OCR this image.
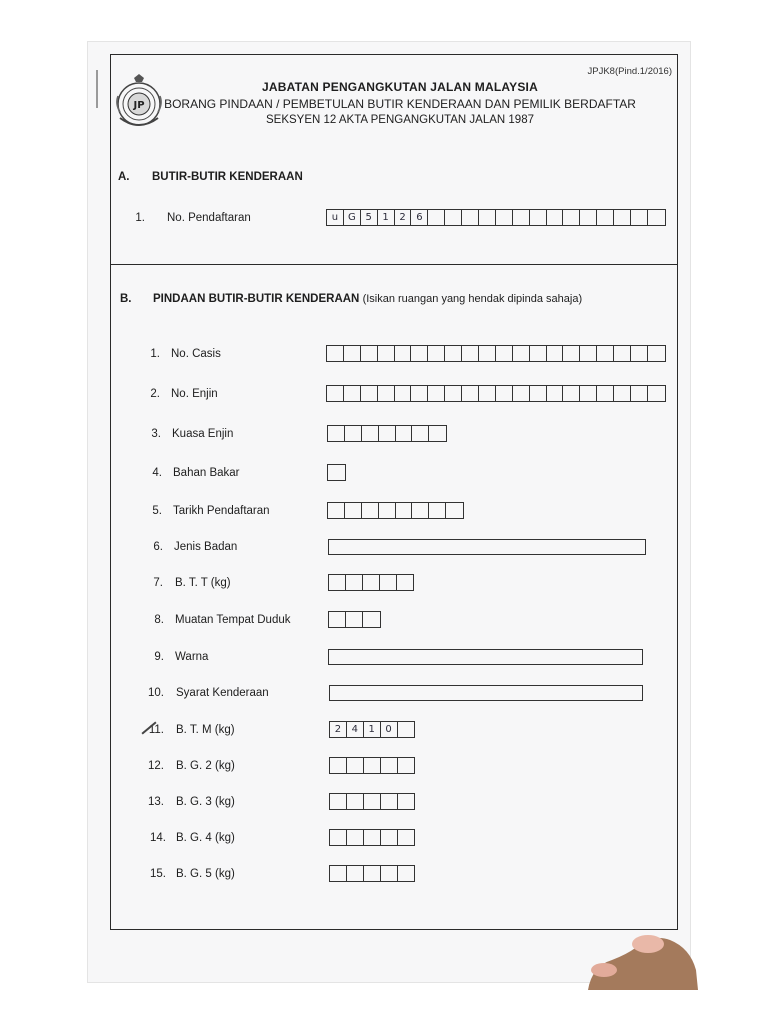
JPJK8(Pind.1/2016)
JP
JABATAN PENGANGKUTAN JALAN MALAYSIA
BORANG PINDAAN / PEMBETULAN BUTIR KENDERAAN DAN PEMILIK BERDAFTAR
SEKSYEN 12 AKTA PENGANGKUTAN JALAN 1987
A. BUTIR-BUTIR KENDERAAN
1. No. Pendaftaran	u G 5	1	2	6
B. PINDAAN BUTIR-BUTIR KENDERAAN (Isikan ruangan yang hendak dipinda sahaja)
1. No. Casis
2. No. Enjin
3. Kuasa Enjin
4. Bahan Bakar
5. Tarikh Pendaftaran
6. Jenis Badan
7. B. T. T (kg)
8. Muatan Tempat Duduk
9. Warna
10. Syarat Kenderaan
11. B. T. M (kg)	2	4	1	0
12. B. G. 2 (kg)
13. B. G. 3 (kg)
14. B. G. 4 (kg)
15. B. G. 5 (kg)
